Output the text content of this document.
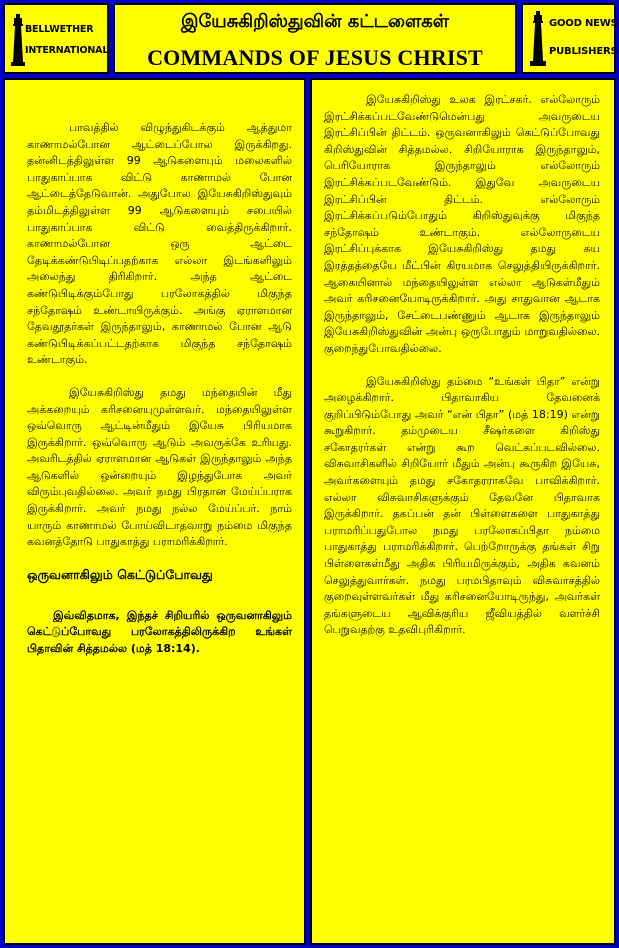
BELLWETHER
INTERNATIONAL
இயேசுகிறிஸ்துவின் கட்டளைகள்
COMMANDS OF JESUS CHRIST
GOOD NEWS
PUBLISHERS

பாவத்தில் விழுந்துகிடக்கும் ஆத்துமா காணாமல்போன ஆட்டைப்போல இருக்கிறது. தன்னிடத்திலுள்ள 99 ஆடுகளையும் மலைகளில் பாதுகாப்பாக விட்டு காணாமல் போன ஆட்டைத்தேடுவான். அதுபோல இயேசுகிறிஸ்துவும் தம்மிடத்திலுள்ள 99 ஆடுகளையும் சபையில் பாதுகாப்பாக விட்டு வைத்திருக்கிறார். காணாமல்போன ஒரு ஆட்டை தேடிக்கண்டுபிடிப்பதற்காக எல்லா இடங்களிலும் அலைந்து திரிகிறார். அந்த ஆட்டை கண்டுபிடிக்கும்போது பரலோகத்தில் மிகுந்த சந்தோஷம் உண்டாயிருக்கும். அங்கு ஏராளமான தேவதூதர்கள் இருந்தாலும், காணாமல் போன ஆடு கண்டுபிடிக்கப்பட்டதற்காக மிகுந்த சந்தோஷம் உண்டாகும்.

இயேசுகிறிஸ்து தமது மந்தையின் மீது அக்கறையும் கரிசனையுமுள்ளவர். மந்தையிலுள்ள ஒவ்வொரு ஆட்டின்மீதும் இயேசு பிரியமாக இருக்கிறார். ஒவ்வொரு ஆடும் அவருக்கே உரியது. அவரிடத்தில் ஏராளமான ஆடுகள் இருந்தாலும் அந்த ஆடுகளில் ஒன்றையும் இழந்துபோக அவர் விரும்புவதில்லை. அவர் நமது பிரதான மேய்ப்பராக இருக்கிறார். அவர் நமது நல்ல மேய்ப்பர். நாம் யாரும் காணாமல் போய்விடாதவாறு நம்மை மிகுந்த கவனத்தோடு பாதுகாத்து பராமரிக்கிறார்.

ஒருவனாகிலும் கெட்டுப்போவது

இவ்விதமாக, இந்தச் சிறியரில் ஒருவனாகிலும் கெட்டுப்போவது பரலோகத்திலிருக்கிற உங்கள் பிதாவின் சித்தமல்ல (மத் 18:14).

இயேசுகிறிஸ்து உலக இரட்சகர். எல்லோரும் இரட்சிக்கப்படவேண்டுமென்பது அவருடைய இரட்சிப்பின் திட்டம். ஒருவனாகிலும் கெட்டுப்போவது கிறிஸ்துவின் சித்தமல்ல. சிறியோராக இருந்தாலும், பெரியோராக இருந்தாலும் எல்லோரும் இரட்சிக்கப்படவேண்டும். இதுவே அவருடைய இரட்சிப்பின் திட்டம். எல்லோரும் இரட்சிக்கப்படும்போதும் கிறிஸ்துவுக்கு மிகுந்த சந்தோஷம் உண்டாகும். எல்லோருடைய இரட்சிப்புக்காக இயேசுகிறிஸ்து தமது சுய இரத்தத்தையே மீட்பின் கிரயமாக செலுத்தியிருக்கிறார். ஆகையினால் மந்தையிலுள்ள எல்லா ஆடுகள்மீதும் அவர் கரிசனையோடிருக்கிறார். அது சாதுவான ஆடாக இருந்தாலும், சேட்டைபண்ணும் ஆடாக இருந்தாலும் இயேசுகிறிஸ்துவின் அன்பு ஒருபோதும் மாறுவதில்லை. குறைந்துபோவதில்லை.

இயேசுகிறிஸ்து தம்மை “உங்கள் பிதா” என்று அழைக்கிறார். பிதாவாகிய தேவனைக் குறிப்பிடும்போது அவர் “என் பிதா” (மத் 18:19) என்று கூறுகிறார். தம்முடைய சீஷர்களை கிறிஸ்து சகோதரர்கள் என்று கூற வெட்கப்படவில்லை. விசுவாசிகளில் சிறியோர் மீதும் அன்பு கூருகிற இயேசு, அவர்களையும் தமது சகோதரராகவே பாவிக்கிறார். எல்லா விசுவாசிகளுக்கும் தேவனே பிதாவாக இருக்கிறார். தகப்பன் தன் பிள்ளைகளை பாதுகாத்து பராமரிப்பதுபோல நமது பரலோகப்பிதா நம்மை பாதுகாத்து பராமரிக்கிறார். பெற்றோருக்கு தங்கள் சிறு பிள்ளைகள்மீது அதிக பிரியமிருக்கும், அதிக கவனம் செலுத்துவார்கள். நமது பரமபிதாவும் விசுவாசத்தில் குறைவுள்ளவர்கள் மீது கரிசனையோடிருந்து, அவர்கள் தங்களுடைய ஆவிக்குரிய ஜீவியத்தில் வளர்ச்சி பெறுவதற்கு உதவிபுரிகிறார்.
